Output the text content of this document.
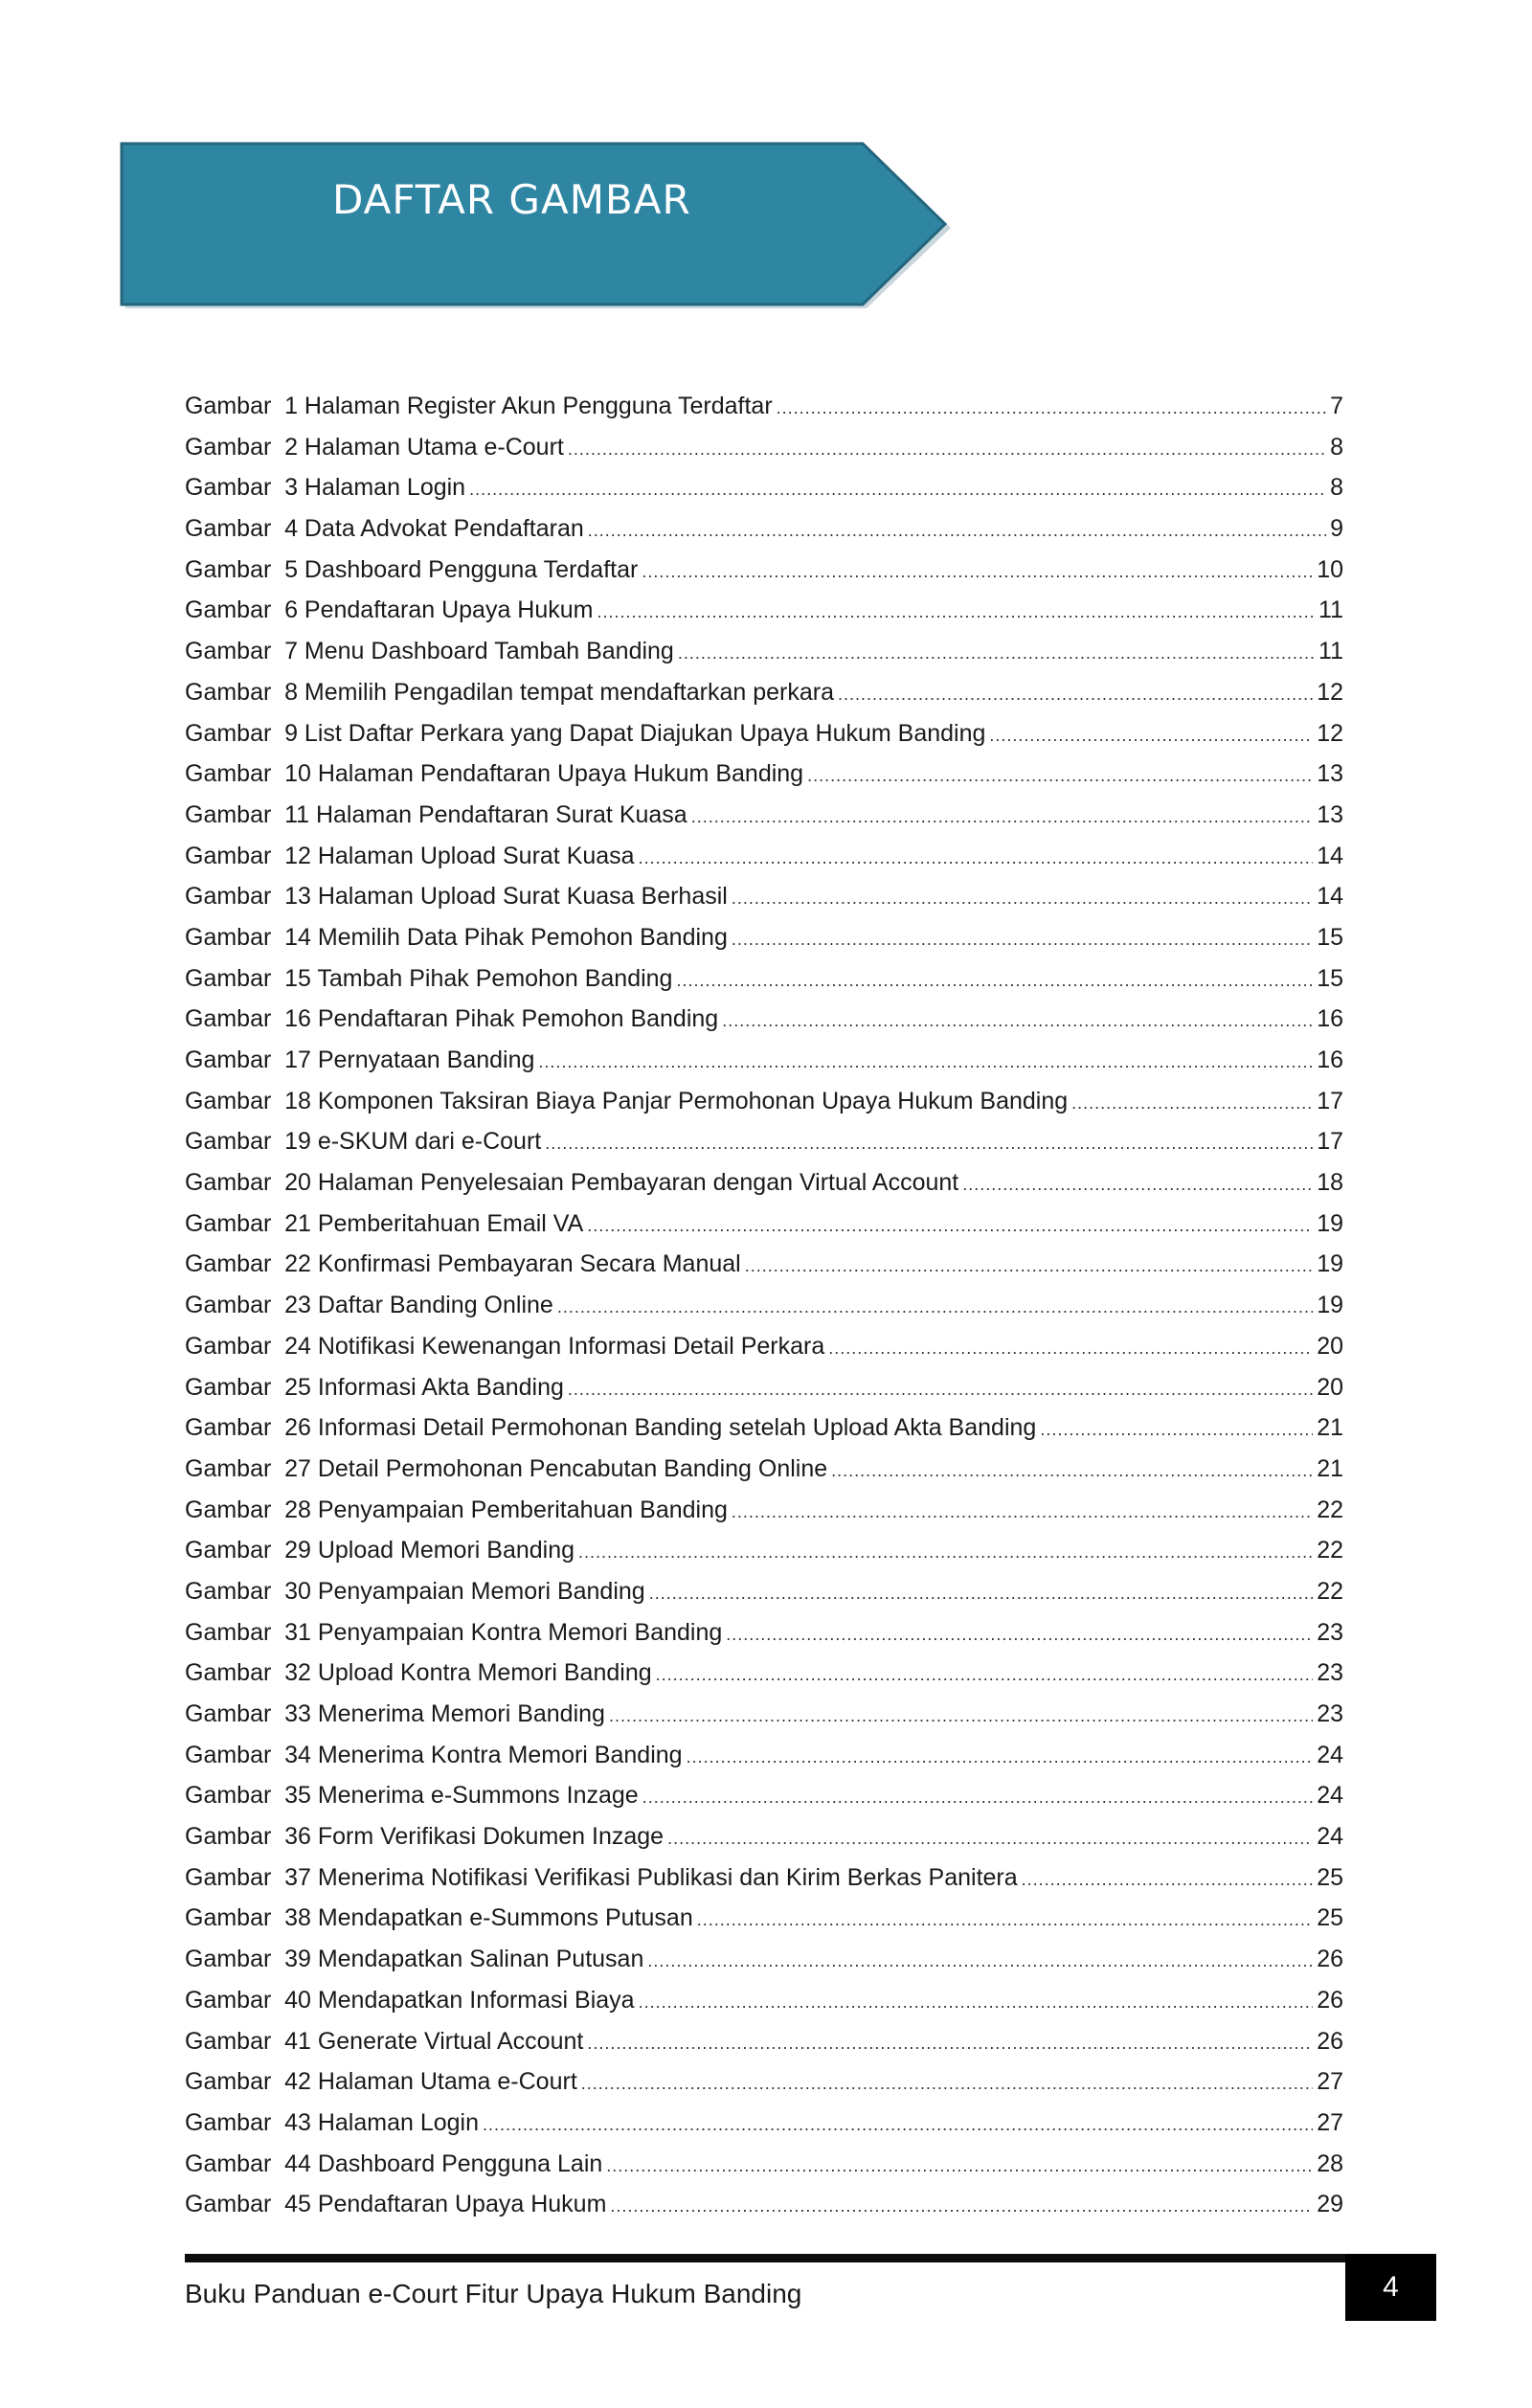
DAFTAR GAMBAR
Gambar 1 Halaman Register Akun Pengguna Terdaftar .....	7
Gambar 2 Halaman Utama e-Court .....	8
Gambar 3 Halaman Login .....	8
Gambar 4 Data Advokat Pendaftaran .....	9
Gambar 5 Dashboard Pengguna Terdaftar .....	10
Gambar 6 Pendaftaran Upaya Hukum .....	11
Gambar 7 Menu Dashboard Tambah Banding .....	11
Gambar 8 Memilih Pengadilan tempat mendaftarkan perkara .....	12
Gambar 9 List Daftar Perkara yang Dapat Diajukan Upaya Hukum Banding .....	12
Gambar 10 Halaman Pendaftaran Upaya Hukum Banding .....	13
Gambar 11 Halaman Pendaftaran Surat Kuasa .....	13
Gambar 12 Halaman Upload Surat Kuasa .....	14
Gambar 13 Halaman Upload Surat Kuasa Berhasil .....	14
Gambar 14 Memilih Data Pihak Pemohon Banding .....	15
Gambar 15 Tambah Pihak Pemohon Banding .....	15
Gambar 16 Pendaftaran Pihak Pemohon Banding .....	16
Gambar 17 Pernyataan Banding .....	16
Gambar 18 Komponen Taksiran Biaya Panjar Permohonan Upaya Hukum Banding .....	17
Gambar 19 e-SKUM dari e-Court .....	17
Gambar 20 Halaman Penyelesaian Pembayaran dengan Virtual Account .....	18
Gambar 21 Pemberitahuan Email VA .....	19
Gambar 22 Konfirmasi Pembayaran Secara Manual .....	19
Gambar 23 Daftar Banding Online .....	19
Gambar 24 Notifikasi Kewenangan Informasi Detail Perkara .....	20
Gambar 25 Informasi Akta Banding .....	20
Gambar 26 Informasi Detail Permohonan Banding setelah Upload Akta Banding .....	21
Gambar 27 Detail Permohonan Pencabutan Banding Online .....	21
Gambar 28 Penyampaian Pemberitahuan Banding .....	22
Gambar 29 Upload Memori Banding .....	22
Gambar 30 Penyampaian Memori Banding .....	22
Gambar 31 Penyampaian Kontra Memori Banding .....	23
Gambar 32 Upload Kontra Memori Banding .....	23
Gambar 33 Menerima Memori Banding .....	23
Gambar 34 Menerima Kontra Memori Banding .....	24
Gambar 35 Menerima e-Summons Inzage .....	24
Gambar 36 Form Verifikasi Dokumen Inzage .....	24
Gambar 37 Menerima Notifikasi Verifikasi Publikasi dan Kirim Berkas Panitera .....	25
Gambar 38 Mendapatkan e-Summons Putusan .....	25
Gambar 39 Mendapatkan Salinan Putusan .....	26
Gambar 40 Mendapatkan Informasi Biaya .....	26
Gambar 41 Generate Virtual Account .....	26
Gambar 42 Halaman Utama e-Court .....	27
Gambar 43 Halaman Login .....	27
Gambar 44 Dashboard Pengguna Lain .....	28
Gambar 45 Pendaftaran Upaya Hukum .....	29
Buku Panduan e-Court Fitur Upaya Hukum Banding	4
